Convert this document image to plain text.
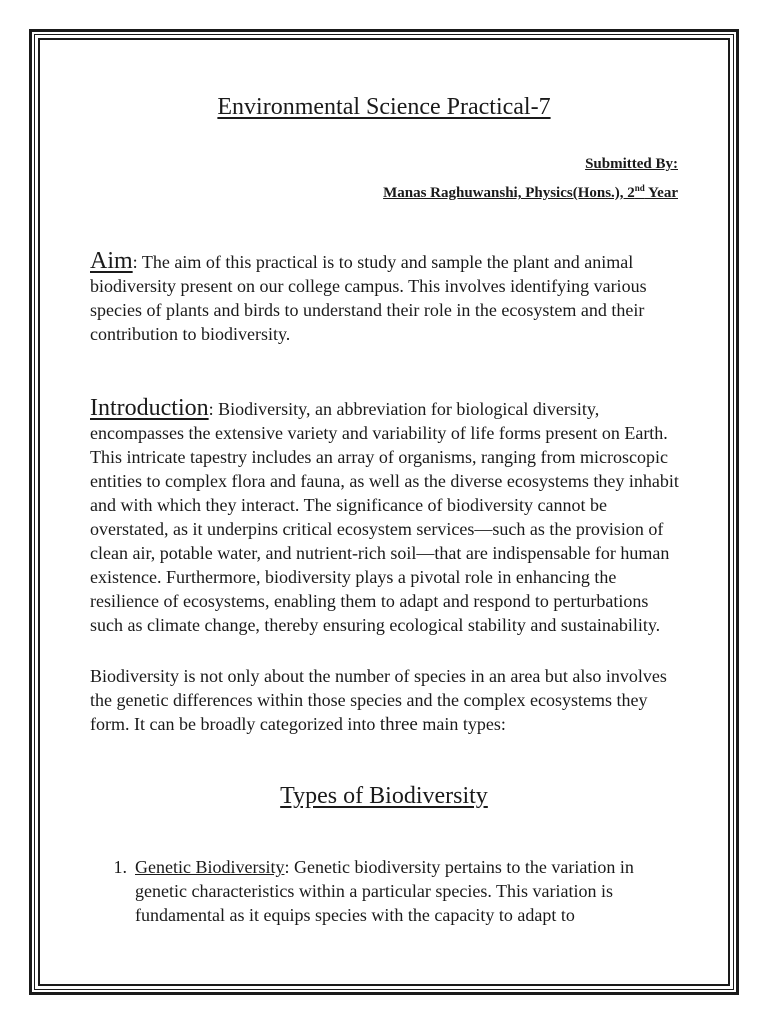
Environmental Science Practical-7
Submitted By:
Manas Raghuwanshi, Physics(Hons.), 2nd Year

Aim: The aim of this practical is to study and sample the plant and animal biodiversity present on our college campus. This involves identifying various species of plants and birds to understand their role in the ecosystem and their contribution to biodiversity.

Introduction: Biodiversity, an abbreviation for biological diversity, encompasses the extensive variety and variability of life forms present on Earth. This intricate tapestry includes an array of organisms, ranging from microscopic entities to complex flora and fauna, as well as the diverse ecosystems they inhabit and with which they interact. The significance of biodiversity cannot be overstated, as it underpins critical ecosystem services—such as the provision of clean air, potable water, and nutrient-rich soil—that are indispensable for human existence. Furthermore, biodiversity plays a pivotal role in enhancing the resilience of ecosystems, enabling them to adapt and respond to perturbations such as climate change, thereby ensuring ecological stability and sustainability.

Biodiversity is not only about the number of species in an area but also involves the genetic differences within those species and the complex ecosystems they form. It can be broadly categorized into three main types:

Types of Biodiversity
1. Genetic Biodiversity: Genetic biodiversity pertains to the variation in genetic characteristics within a particular species. This variation is fundamental as it equips species with the capacity to adapt to
